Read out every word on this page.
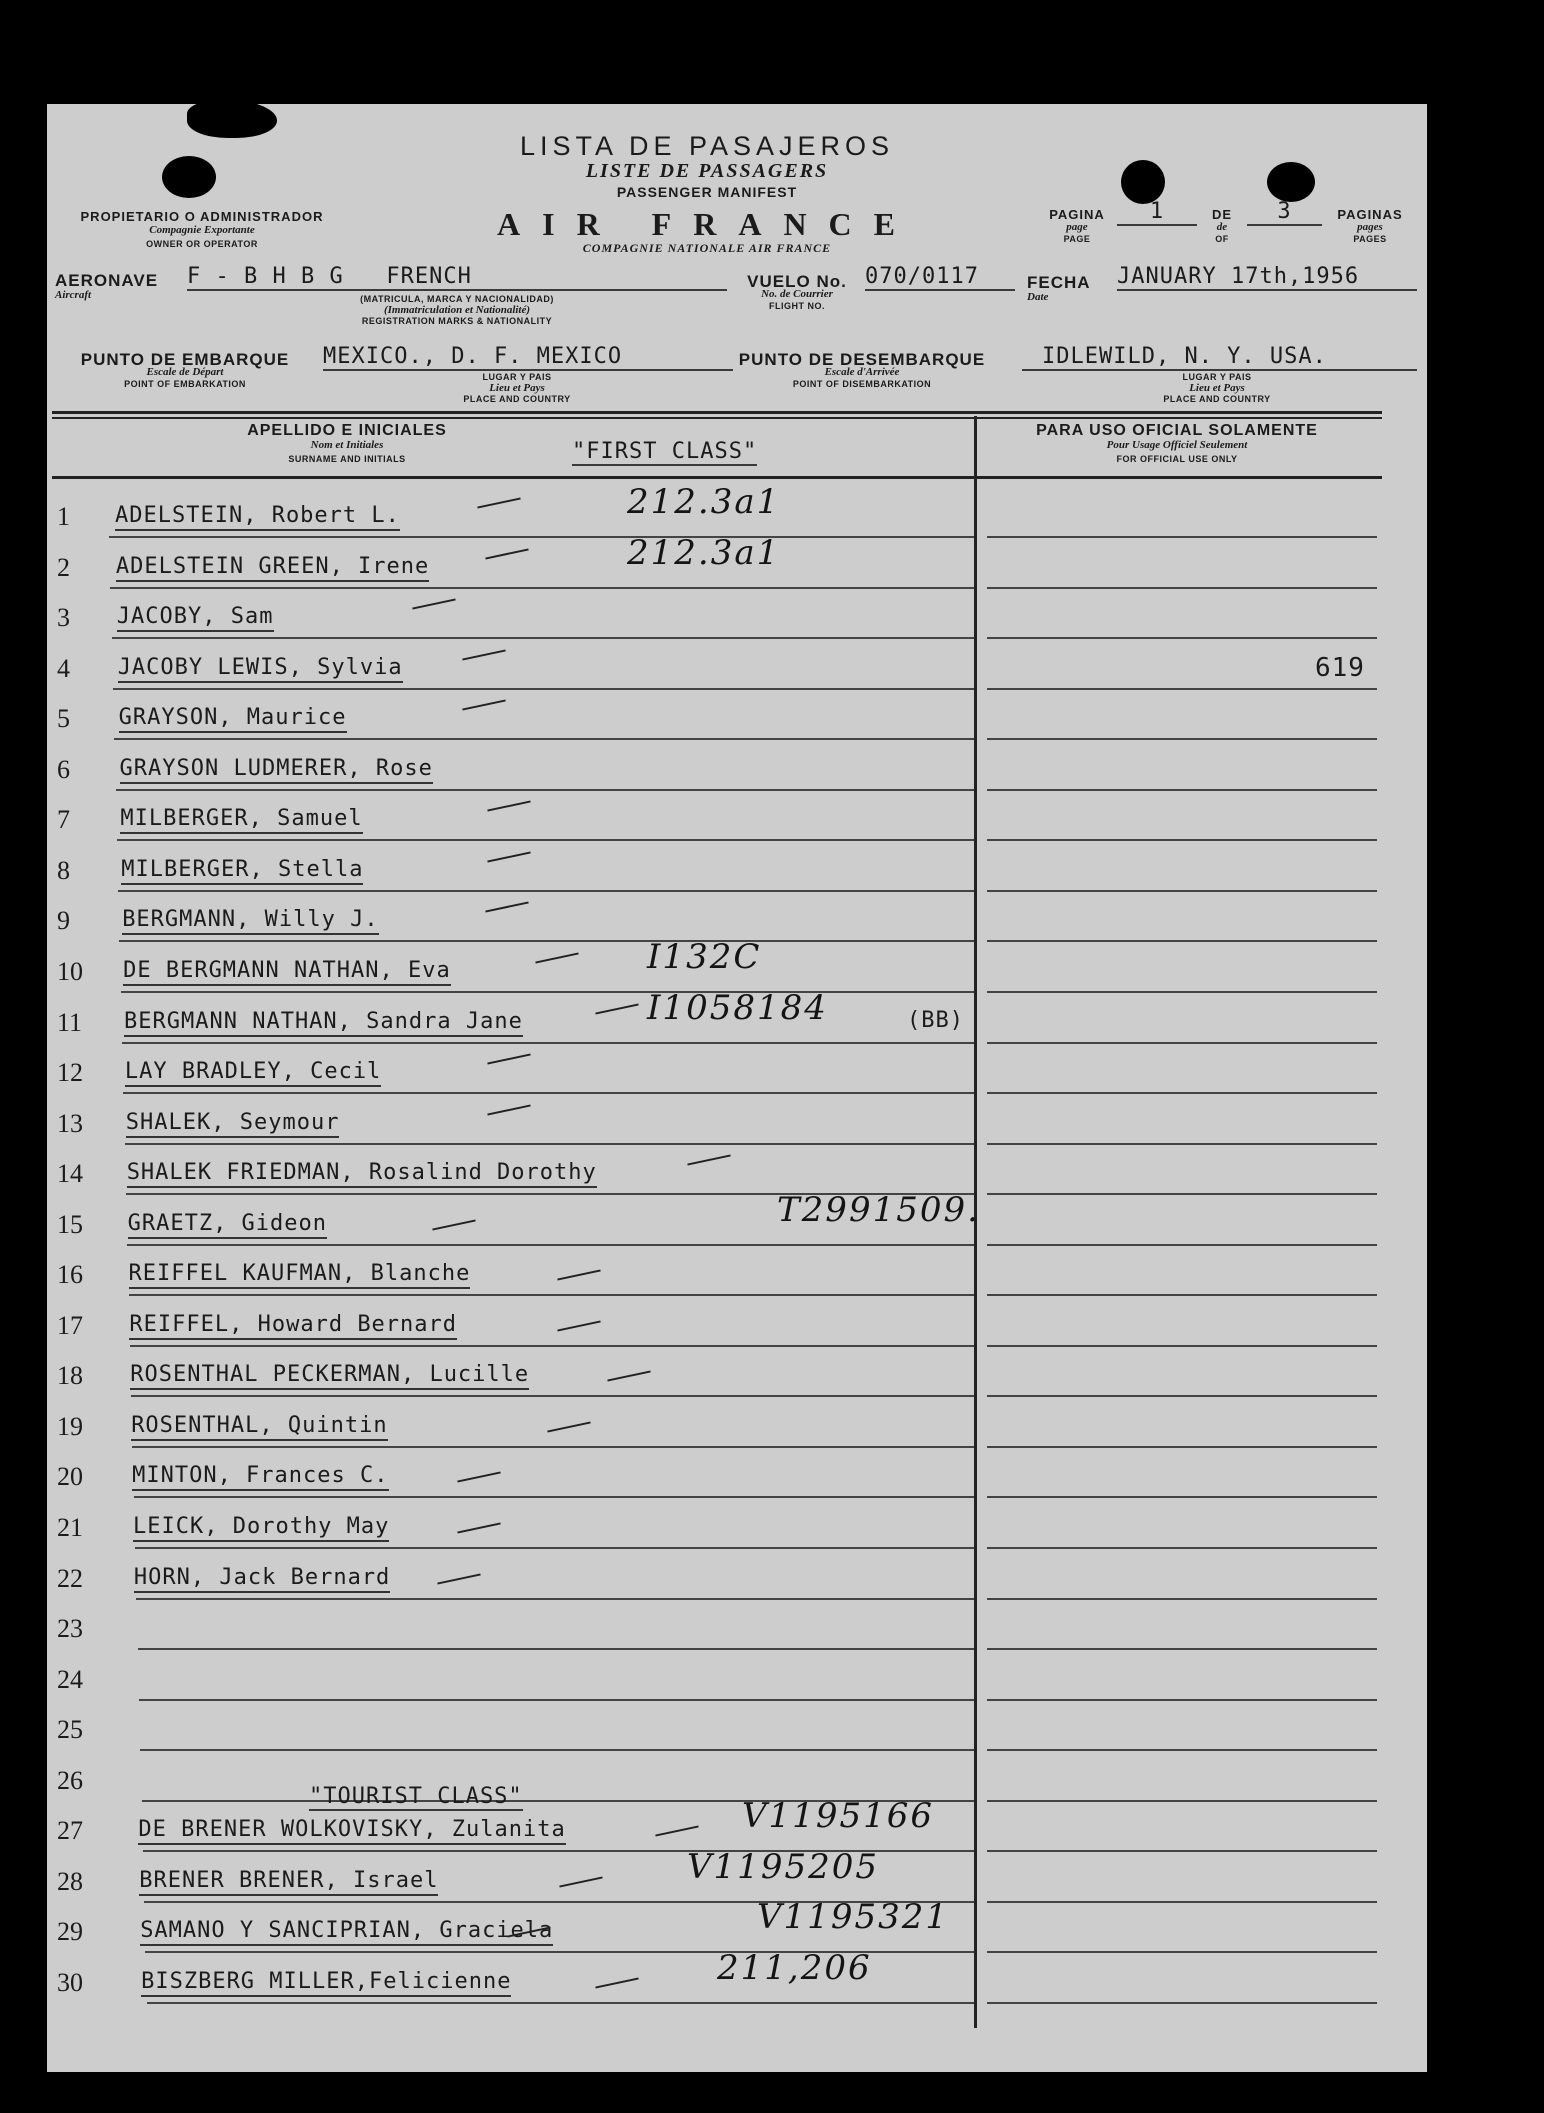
LISTA DE PASAJEROS
LISTE DE PASSAGERS
PASSENGER MANIFEST
PROPIETARIO O ADMINISTRADOR
Compagnie Exportante
OWNER OR OPERATOR
AIR FRANCE
COMPAGNIE NATIONALE AIR FRANCE
PAGINA
page
PAGE
1	DE
de
OF
3	PAGINAS
pages
PAGES
AERONAVE
Aircraft
F - B H B G   FRENCH
(MATRICULA, MARCA Y NACIONALIDAD)
(Immatriculation et Nationalité)
REGISTRATION MARKS & NATIONALITY
VUELO No.
No. de Courrier
FLIGHT NO.
070/0117	FECHA
Date
JANUARY 17th,1956
PUNTO DE EMBARQUE
Escale de Départ
POINT OF EMBARKATION
MEXICO., D. F. MEXICO
LUGAR Y PAIS
Lieu et Pays
PLACE AND COUNTRY
PUNTO DE DESEMBARQUE
Escale d'Arrivée
POINT OF DISEMBARKATION
IDLEWILD, N. Y. USA.
LUGAR Y PAIS
Lieu et Pays
PLACE AND COUNTRY
APELLIDO E INICIALES
Nom et Initiales
SURNAME AND INITIALS	"FIRST CLASS"
PARA USO OFICIAL SOLAMENTE
Pour Usage Officiel Seulement
FOR OFFICIAL USE ONLY
1	ADELSTEIN, Robert L.	212.3a1
2	ADELSTEIN GREEN, Irene	212.3a1
3	JACOBY, Sam
4	JACOBY LEWIS, Sylvia	619
5	GRAYSON, Maurice
6	GRAYSON LUDMERER, Rose
7	MILBERGER, Samuel
8	MILBERGER, Stella
9	BERGMANN, Willy J.
10	DE BERGMANN NATHAN, Eva	I132C
11	BERGMANN NATHAN, Sandra Jane	I1058184	(BB)
12	LAY BRADLEY, Cecil
13	SHALEK, Seymour
14	SHALEK FRIEDMAN, Rosalind Dorothy
15	GRAETZ, Gideon	T2991509.
16	REIFFEL KAUFMAN, Blanche
17	REIFFEL, Howard Bernard
18	ROSENTHAL PECKERMAN, Lucille
19	ROSENTHAL, Quintin
20	MINTON, Frances C.
21	LEICK, Dorothy May
22	HORN, Jack Bernard
23
24
25
26
27	DE BRENER WOLKOVISKY, Zulanita	V1195166
28	BRENER BRENER, Israel	V1195205
29	SAMANO Y SANCIPRIAN, Graciela	V1195321
30	BISZBERG MILLER,Felicienne	211,206
"TOURIST CLASS"
